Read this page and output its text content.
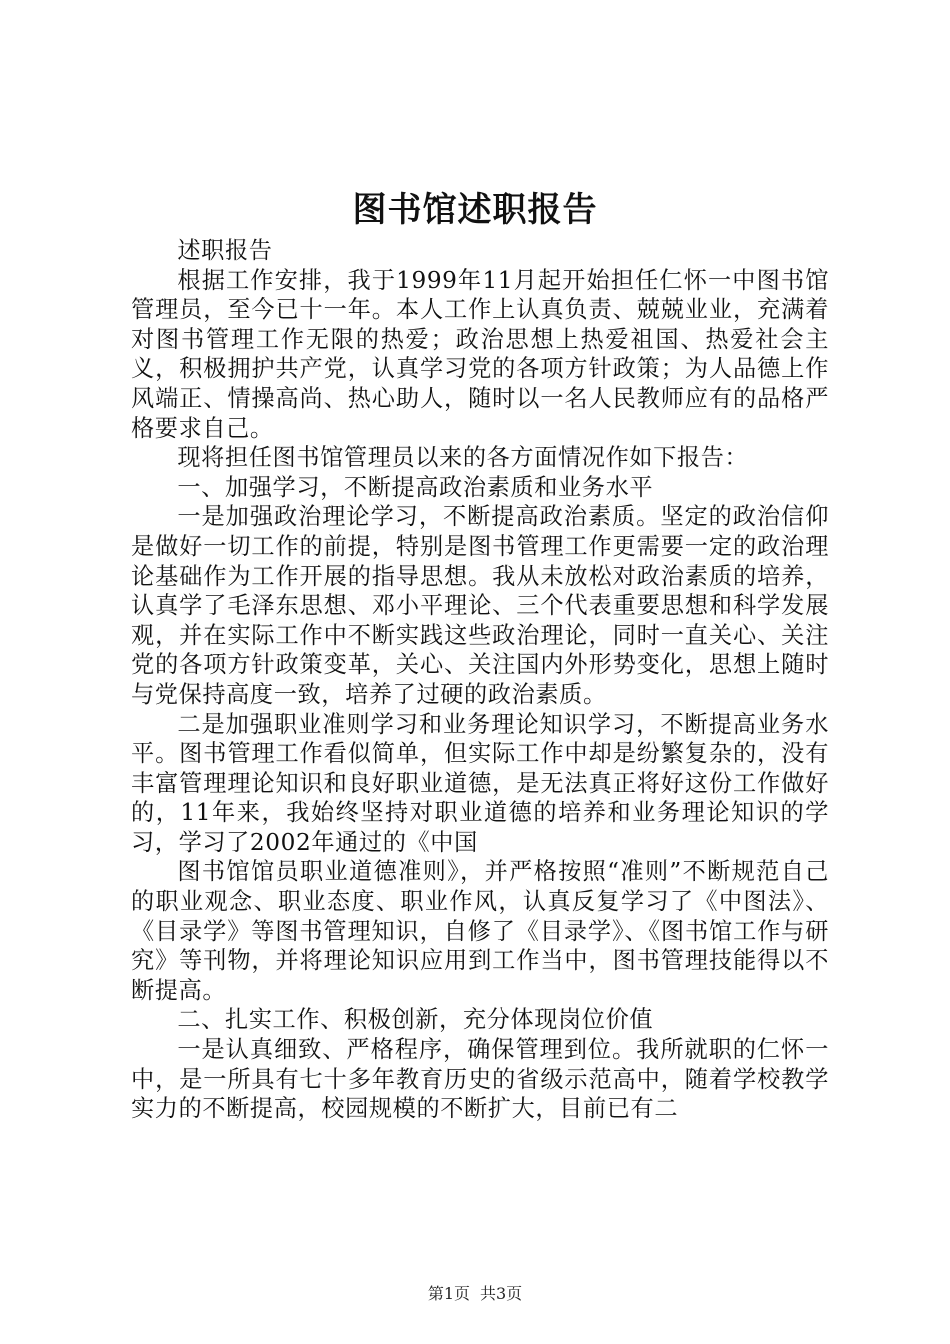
图书馆述职报告

述职报告

根据工作安排，我于1999年11月起开始担任仁怀一中图书馆管理员，至今已十一年。本人工作上认真负责、兢兢业业，充满着对图书管理工作无限的热爱；政治思想上热爱祖国、热爱社会主义，积极拥护共产党，认真学习党的各项方针政策；为人品德上作风端正、情操高尚、热心助人，随时以一名人民教师应有的品格严格要求自己。

现将担任图书馆管理员以来的各方面情况作如下报告：

一、加强学习，不断提高政治素质和业务水平

一是加强政治理论学习，不断提高政治素质。坚定的政治信仰是做好一切工作的前提，特别是图书管理工作更需要一定的政治理论基础作为工作开展的指导思想。我从未放松对政治素质的培养，认真学了毛泽东思想、邓小平理论、三个代表重要思想和科学发展观，并在实际工作中不断实践这些政治理论，同时一直关心、关注党的各项方针政策变革，关心、关注国内外形势变化，思想上随时与党保持高度一致，培养了过硬的政治素质。

二是加强职业准则学习和业务理论知识学习，不断提高业务水平。图书管理工作看似简单，但实际工作中却是纷繁复杂的，没有丰富管理理论知识和良好职业道德，是无法真正将好这份工作做好的，11年来，我始终坚持对职业道德的培养和业务理论知识的学习，学习了2002年通过的《中国

图书馆馆员职业道德准则》，并严格按照“准则”不断规范自己的职业观念、职业态度、职业作风，认真反复学习了《中图法》、《目录学》等图书管理知识，自修了《目录学》、《图书馆工作与研究》等刊物，并将理论知识应用到工作当中，图书管理技能得以不断提高。

二、扎实工作、积极创新，充分体现岗位价值

一是认真细致、严格程序，确保管理到位。我所就职的仁怀一中，是一所具有七十多年教育历史的省级示范高中，随着学校教学实力的不断提高，校园规模的不断扩大，目前已有二

第1页 共3页
